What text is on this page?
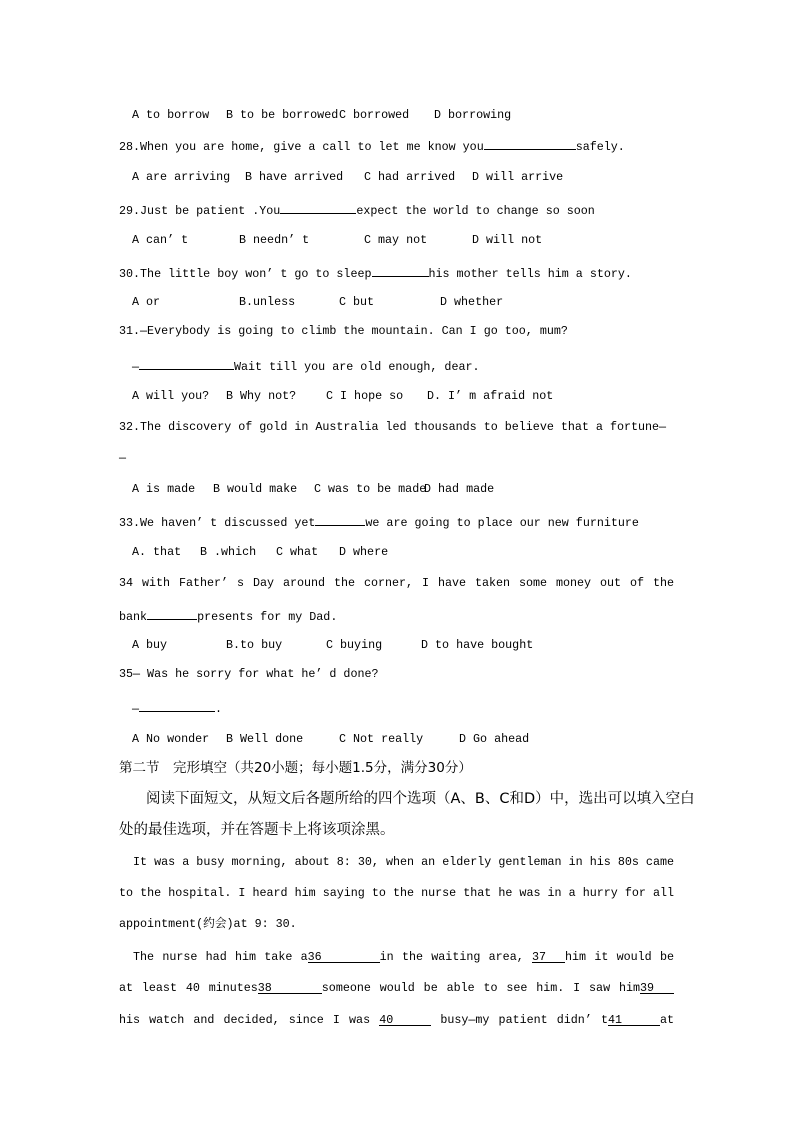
A to borrow

B to be borrowed

C borrowed

D borrowing

28.When you are home, give a call to let me know you	safely.

A are arriving

B have arrived

C had arrived

D will arrive

29.Just be patient .You	expect the world to change so soon

A can’ t

	B needn’ t

	C may not

	D will not

30.The little boy won’ t go to sleep	his mother tells him a story.

A or

	B.unless

	C but

	D whether

31.—Everybody is going to climb the mountain. Can I go too, mum?
—	Wait till you are old enough, dear.

A will you?

B Why not?

	C I hope so

D. I’ m afraid not

32.The discovery of gold in Australia led thousands to believe that a fortune—
—

A is made

B would make

C was to be made

D had made

33.We haven’ t discussed yet	we are going to place our new furniture

A. that

B .which

C what

D where

34 with Father’ s Day around the corner, I have taken some money out of the
bank	presents for my Dad.

A buy

	B.to buy

	C buying

	D to have bought

35— Was he sorry for what he’ d done?
—	.

A No wonder

B Well done

	C Not really

	D Go ahead

第二节　完形填空（共20小题；每小题1.5分，满分30分）
阅读下面短文，从短文后各题所给的四个选项（A、B、C和D）中，选出可以填入空白
处的最佳选项，并在答题卡上将该项涂黑。
It was a busy morning, about 8: 30, when an elderly gentleman in his 80s came
to the hospital. I heard him saying to the nurse that he was in a hurry for all
appointment(约会)at 9: 30.
The nurse had him take a36	in the waiting area, 37 him it would be
at least 40 minutes38	someone would be able to see him. I saw him39
his watch and decided, since I was 40	busy—my patient didn’ t41	at
